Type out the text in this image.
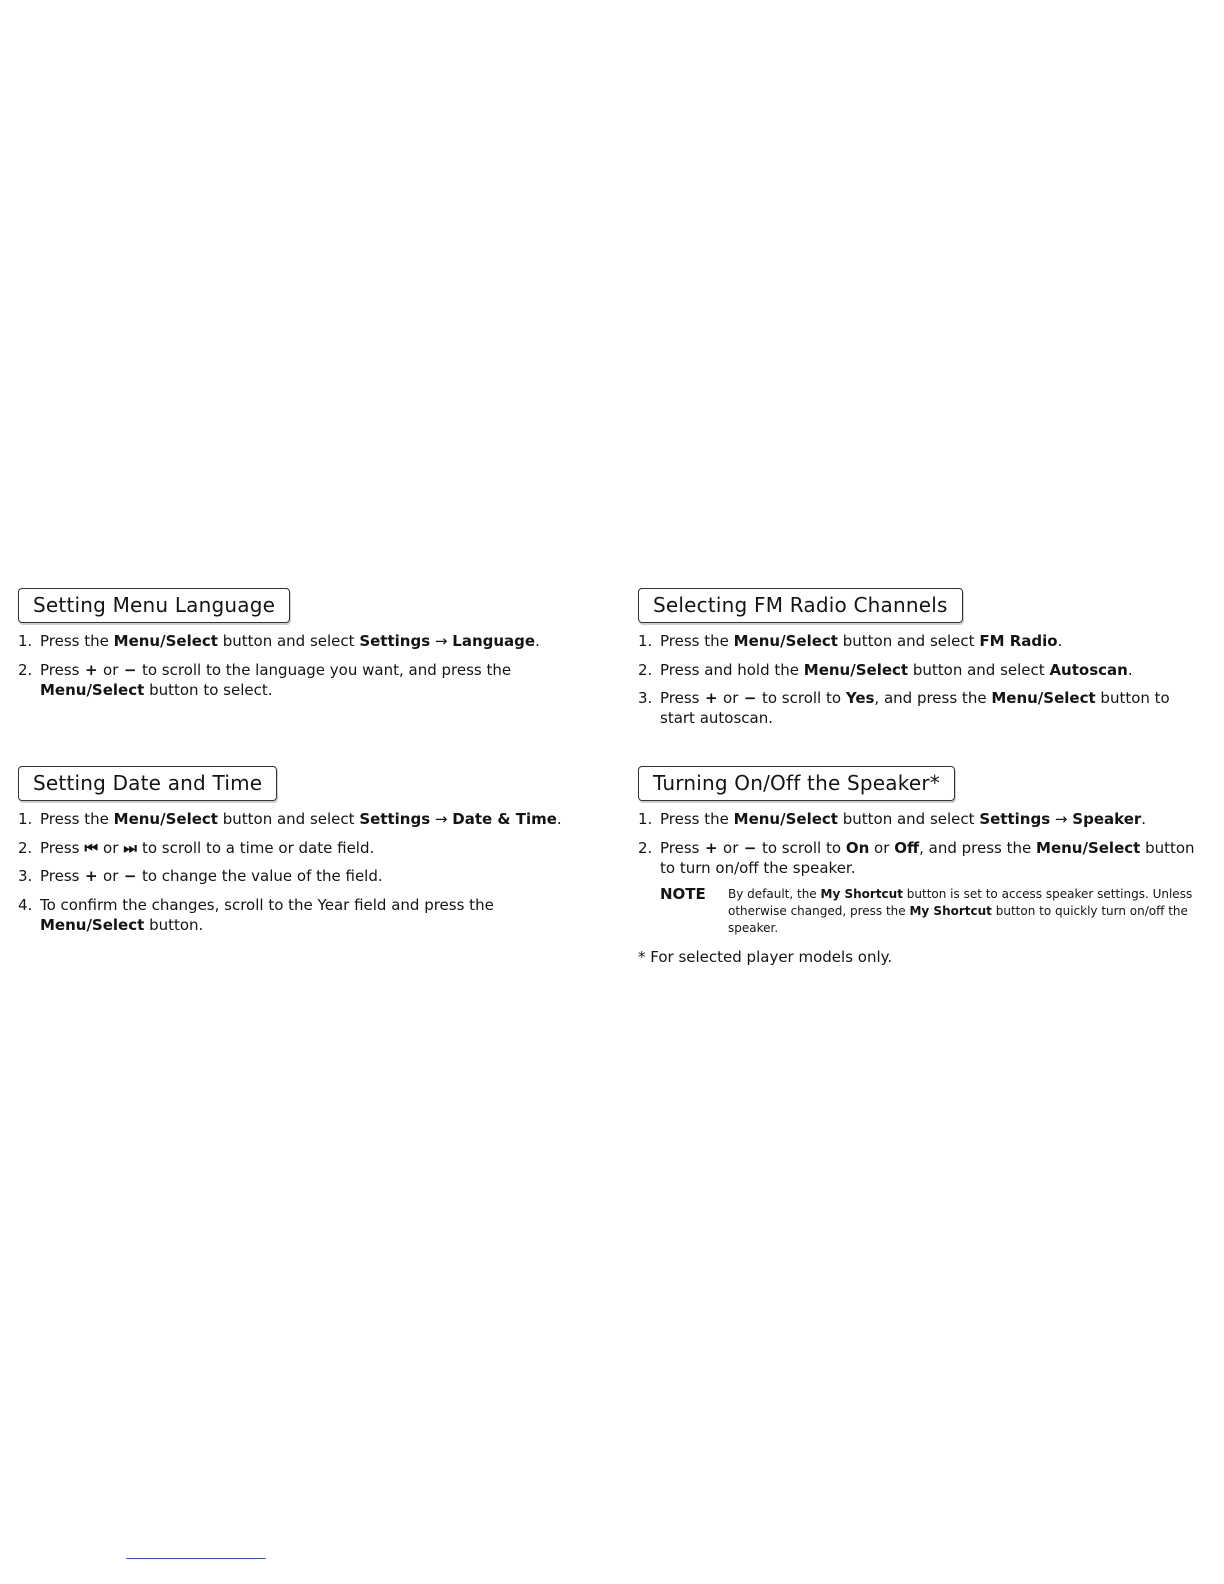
Setting Menu Language
1. Press the Menu/Select button and select Settings → Language.
2. Press + or − to scroll to the language you want, and press the Menu/Select button to select.
Setting Date and Time
1. Press the Menu/Select button and select Settings → Date & Time.
2. Press ⏮ or ⏭ to scroll to a time or date field.
3. Press + or − to change the value of the field.
4. To confirm the changes, scroll to the Year field and press the Menu/Select button.
Selecting FM Radio Channels
1. Press the Menu/Select button and select FM Radio.
2. Press and hold the Menu/Select button and select Autoscan.
3. Press + or − to scroll to Yes, and press the Menu/Select button to start autoscan.
Turning On/Off the Speaker*
1. Press the Menu/Select button and select Settings → Speaker.
2. Press + or − to scroll to On or Off, and press the Menu/Select button to turn on/off the speaker.
NOTE By default, the My Shortcut button is set to access speaker settings. Unless otherwise changed, press the My Shortcut button to quickly turn on/off the speaker.
* For selected player models only.
